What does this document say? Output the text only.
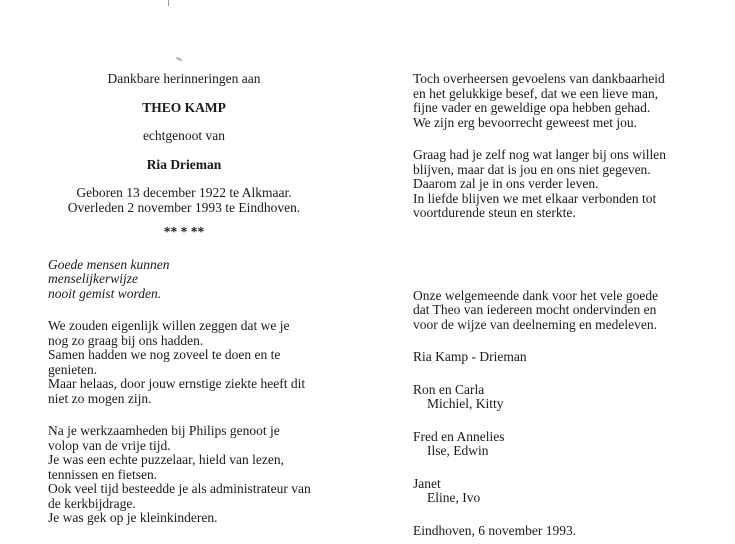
Dankbare herinneringen aan

THEO KAMP

echtgenoot van

Ria Drieman

Geboren 13 december 1922 te Alkmaar.

Overleden 2 november 1993 te Eindhoven.

** * **

Goede mensen kunnen

menselijkerwijze

nooit gemist worden.

We zouden eigenlijk willen zeggen dat we je

nog zo graag bij ons hadden.

Samen hadden we nog zoveel te doen en te

genieten.

Maar helaas, door jouw ernstige ziekte heeft dit

niet zo mogen zijn.

Na je werkzaamheden bij Philips genoot je

volop van de vrije tijd.

Je was een echte puzzelaar, hield van lezen,

tennissen en fietsen.

Ook veel tijd besteedde je als administrateur van

de kerkbijdrage.

Je was gek op je kleinkinderen.

Toch overheersen gevoelens van dankbaarheid

en het gelukkige besef, dat we een lieve man,

fijne vader en geweldige opa hebben gehad.

We zijn erg bevoorrecht geweest met jou.

Graag had je zelf nog wat langer bij ons willen

blijven, maar dat is jou en ons niet gegeven.

Daarom zal je in ons verder leven.

In liefde blijven we met elkaar verbonden tot

voortdurende steun en sterkte.

Onze welgemeende dank voor het vele goede

dat Theo van iedereen mocht ondervinden en

voor de wijze van deelneming en medeleven.

Ria Kamp - Drieman

Ron en Carla

Michiel, Kitty

Fred en Annelies

Ilse, Edwin

Janet

Eline, Ivo

Eindhoven, 6 november 1993.
